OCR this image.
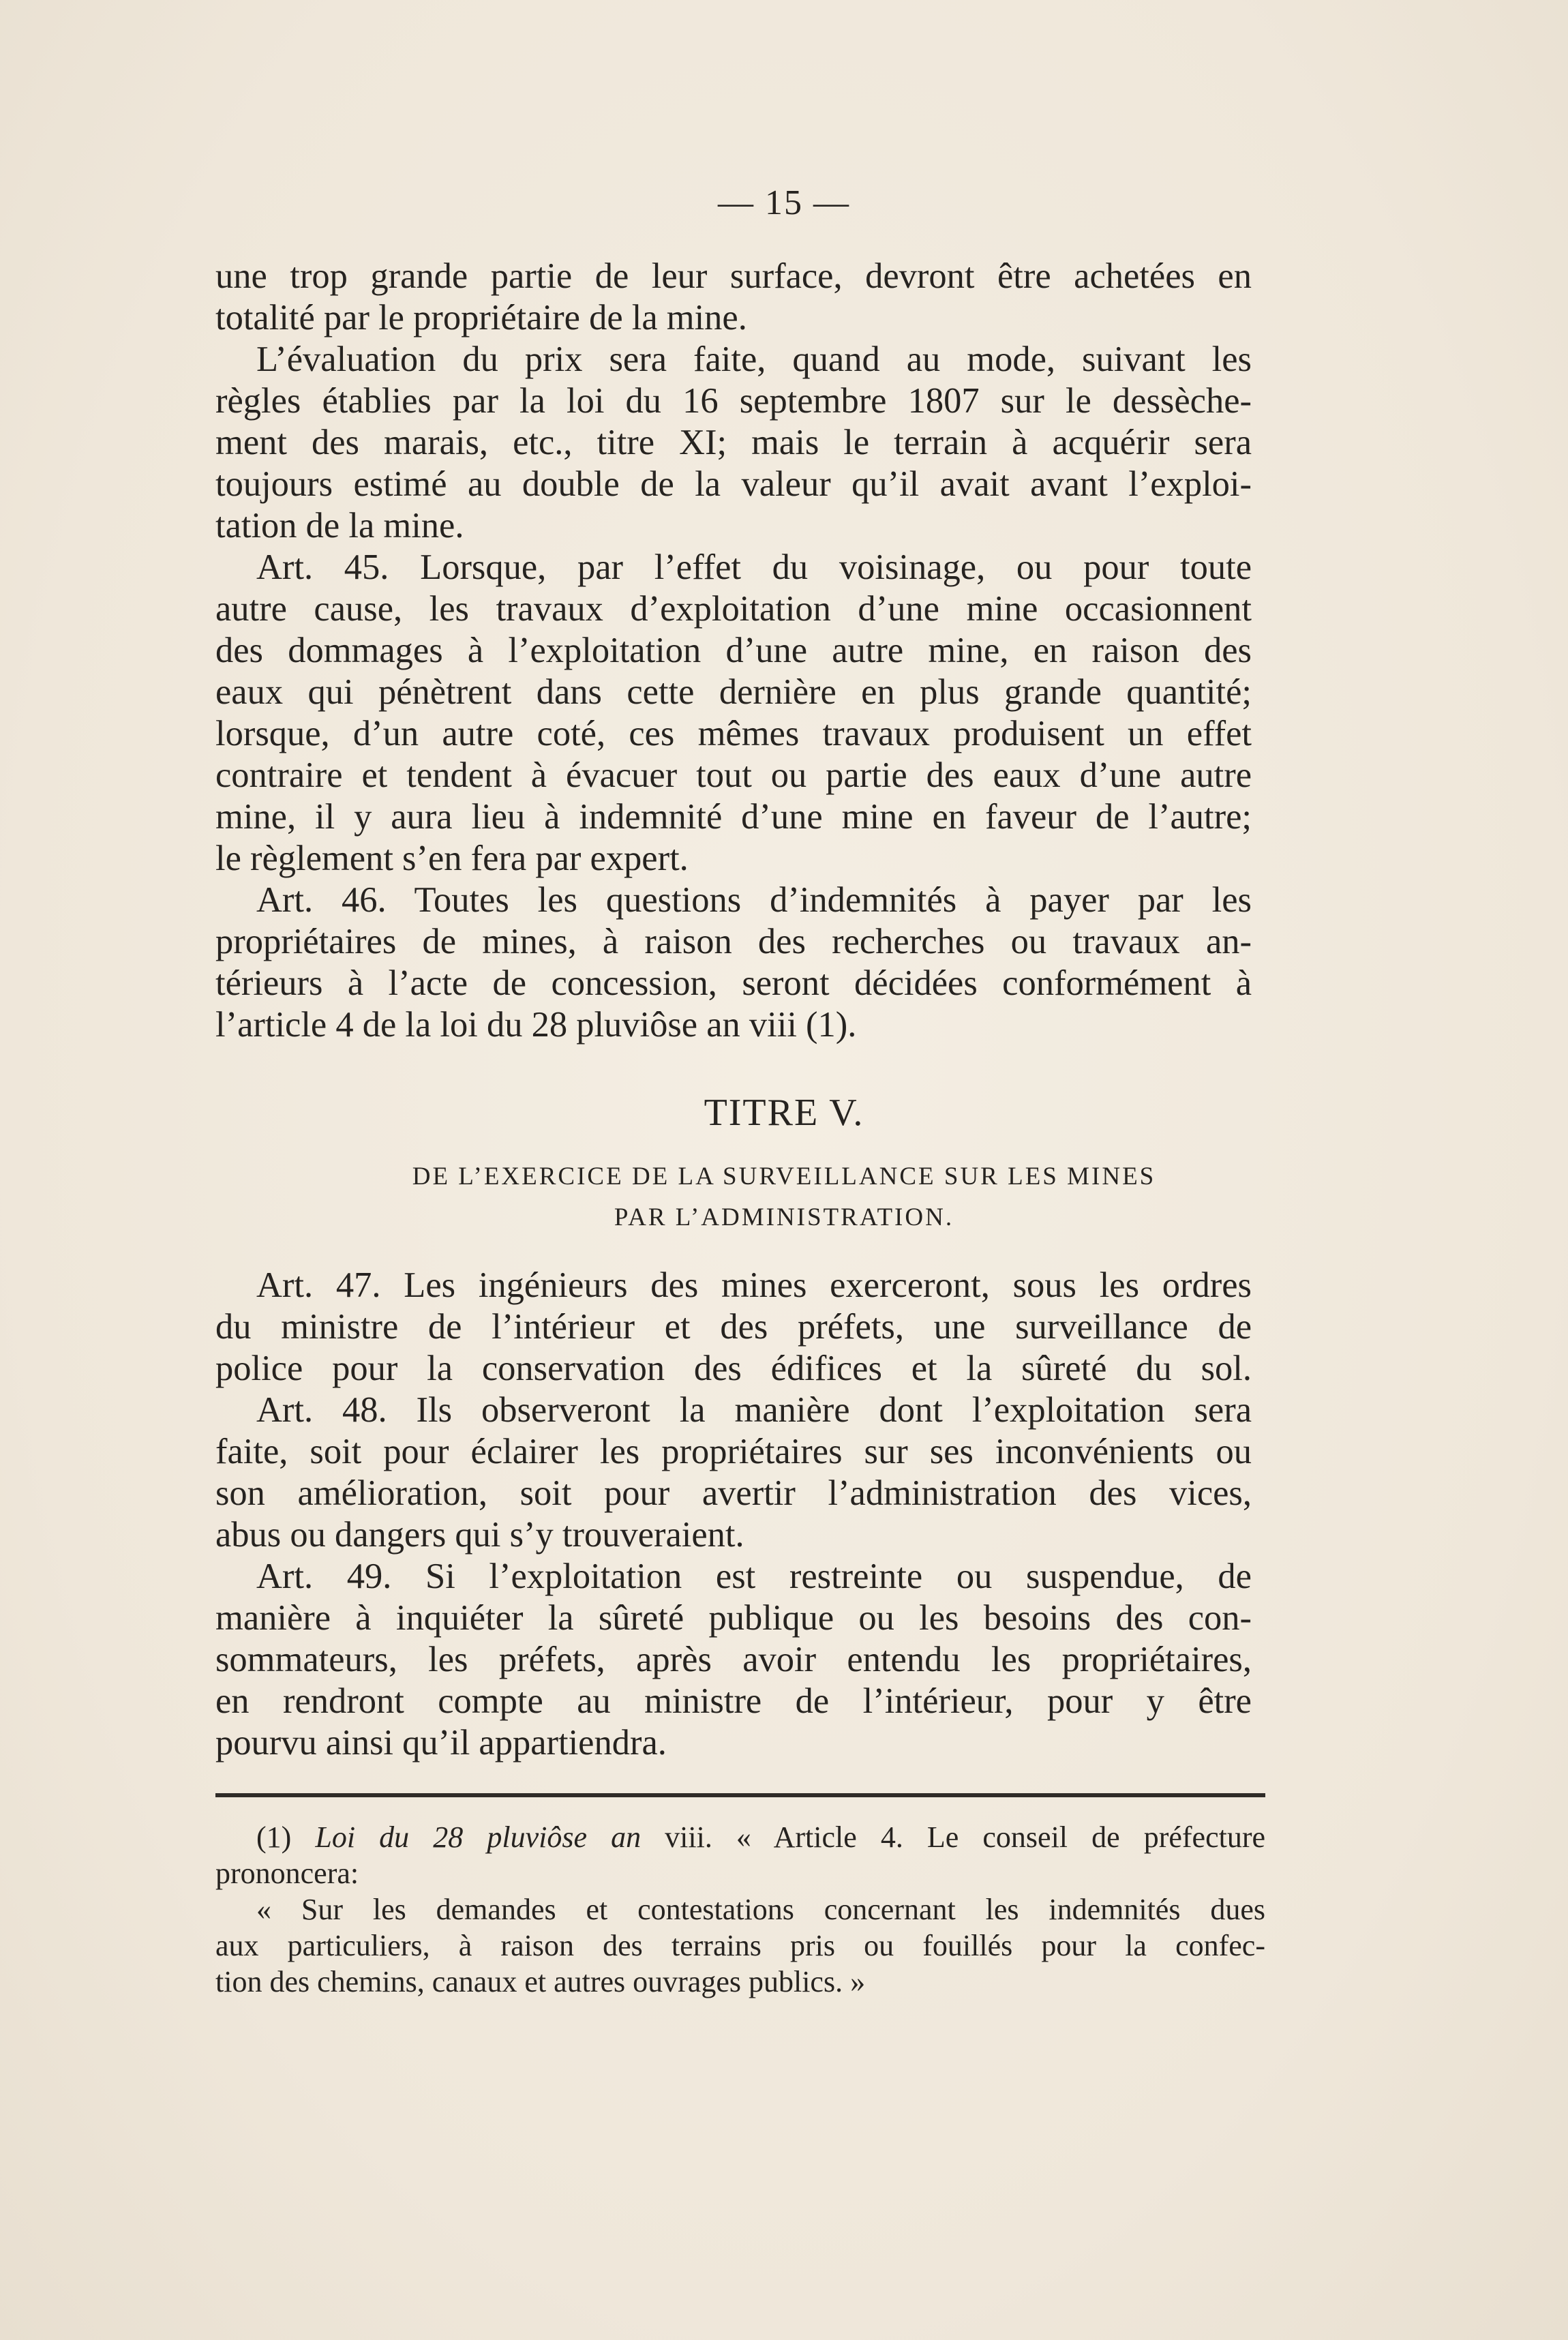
— 15 —
une trop grande partie de leur surface, devront être achetées en
totalité par le propriétaire de la mine.
L’évaluation du prix sera faite, quand au mode, suivant les
règles établies par la loi du 16 septembre 1807 sur le dessèche-
ment des marais, etc., titre XI; mais le terrain à acquérir sera
toujours estimé au double de la valeur qu’il avait avant l’exploi-
tation de la mine.
Art. 45. Lorsque, par l’effet du voisinage, ou pour toute
autre cause, les travaux d’exploitation d’une mine occasionnent
des dommages à l’exploitation d’une autre mine, en raison des
eaux qui pénètrent dans cette dernière en plus grande quantité;
lorsque, d’un autre coté, ces mêmes travaux produisent un effet
contraire et tendent à évacuer tout ou partie des eaux d’une autre
mine, il y aura lieu à indemnité d’une mine en faveur de l’autre;
le règlement s’en fera par expert.
Art. 46. Toutes les questions d’indemnités à payer par les
propriétaires de mines, à raison des recherches ou travaux an-
térieurs à l’acte de concession, seront décidées conformément à
l’article 4 de la loi du 28 pluviôse an viii (1).
TITRE V.
DE L’EXERCICE DE LA SURVEILLANCE SUR LES MINES
PAR L’ADMINISTRATION.
Art. 47. Les ingénieurs des mines exerceront, sous les ordres
du ministre de l’intérieur et des préfets, une surveillance de
police pour la conservation des édifices et la sûreté du sol.
Art. 48. Ils observeront la manière dont l’exploitation sera
faite, soit pour éclairer les propriétaires sur ses inconvénients ou
son amélioration, soit pour avertir l’administration des vices,
abus ou dangers qui s’y trouveraient.
Art. 49. Si l’exploitation est restreinte ou suspendue, de
manière à inquiéter la sûreté publique ou les besoins des con-
sommateurs, les préfets, après avoir entendu les propriétaires,
en rendront compte au ministre de l’intérieur, pour y être
pourvu ainsi qu’il appartiendra.
(1) Loi du 28 pluviôse an viii. « Article 4. Le conseil de préfecture
prononcera:
« Sur les demandes et contestations concernant les indemnités dues
aux particuliers, à raison des terrains pris ou fouillés pour la confec-
tion des chemins, canaux et autres ouvrages publics. »
